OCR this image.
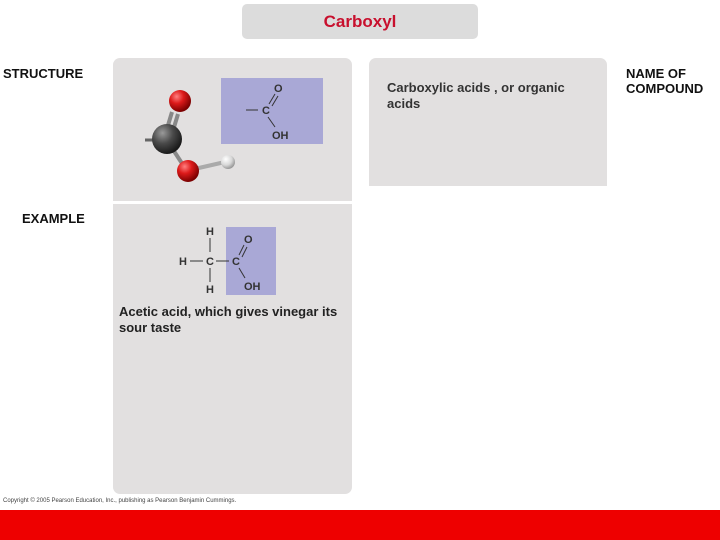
Carboxyl
STRUCTURE
EXAMPLE
NAME OF
COMPOUND
Carboxylic acids , or organic acids
C
O
OH
H
H C
H
C
O
OH
Acetic acid, which gives vinegar its sour taste
Copyright © 2005 Pearson Education, Inc., publishing as Pearson Benjamin Cummings.
